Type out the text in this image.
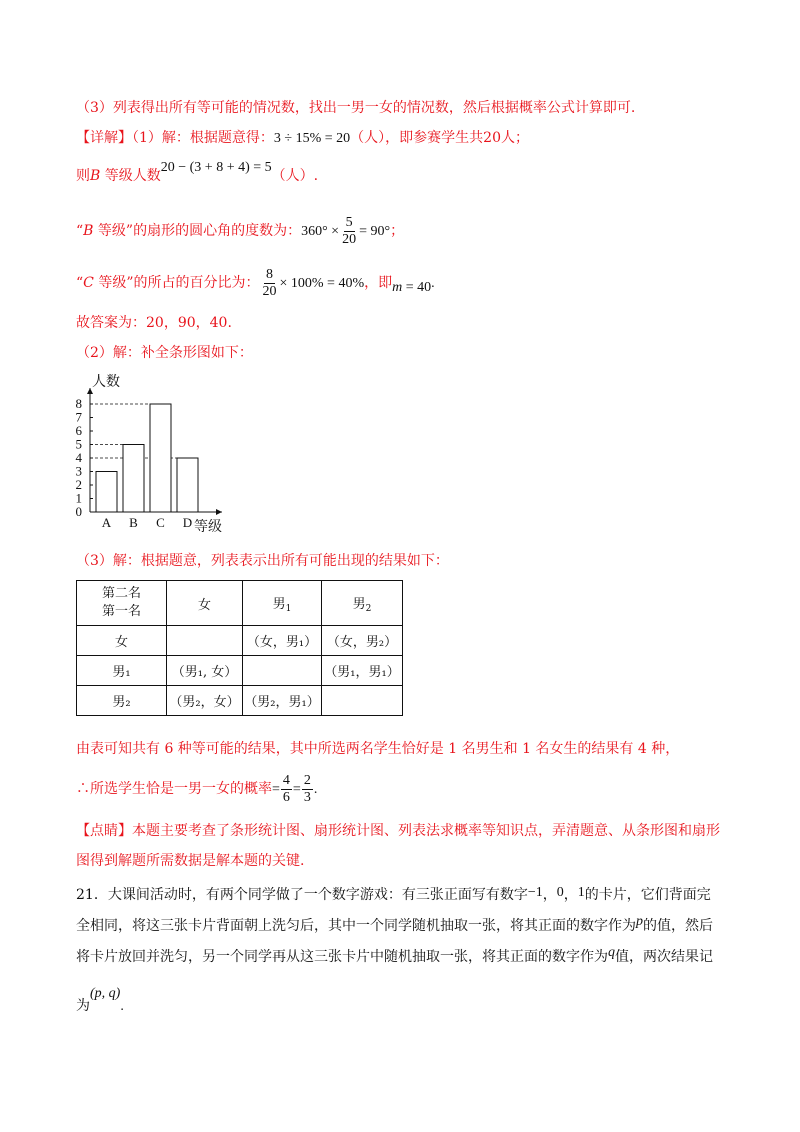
（3）列表得出所有等可能的情况数，找出一男一女的情况数，然后根据概率公式计算即可.
【详解】（1）解：根据题意得：3 ÷ 15% = 20（人），即参赛学生共20人；
则B 等级人数20 − (3 + 8 + 4) = 5（人）.
“B 等级”的扇形的圆心角的度数为：$360^\circ \times \frac{5}{20} = 90^\circ$；
“C 等级”的所占的百分比为： $\frac{8}{20} \times 100\% = 40\%$，即m = 40.
故答案为：20，90，40.
（2）解：补全条形图如下：
0
1
2
3
4
5
6
7
8
A B C D
人数
等级
（3）解：根据题意，列表表示出所有可能出现的结果如下：
第二名
第一名	女	男$_1$	男$_2$
女		（女，男₁）	（女，男₂）
男₁	（男₁, 女）		（男₁，男₁）
男₂	（男₂，女）	（男₂，男₁）	
由表可知共有 6 种等可能的结果，其中所选两名学生恰好是 1 名男生和 1 名女生的结果有 4 种，
∴所选学生恰是一男一女的概率= $\frac{4}{6} = \frac{2}{3}$ .
【点睛】本题主要考查了条形统计图、扇形统计图、列表法求概率等知识点，弄清题意、从条形图和扇形
图得到解题所需数据是解本题的关键.
21．大课间活动时，有两个同学做了一个数字游戏：有三张正面写有数字−1，0，1的卡片，它们背面完
全相同，将这三张卡片背面朝上洗匀后，其中一个同学随机抽取一张，将其正面的数字作为p的值，然后
将卡片放回并洗匀，另一个同学再从这三张卡片中随机抽取一张，将其正面的数字作为q值，两次结果记
为(p, q).
